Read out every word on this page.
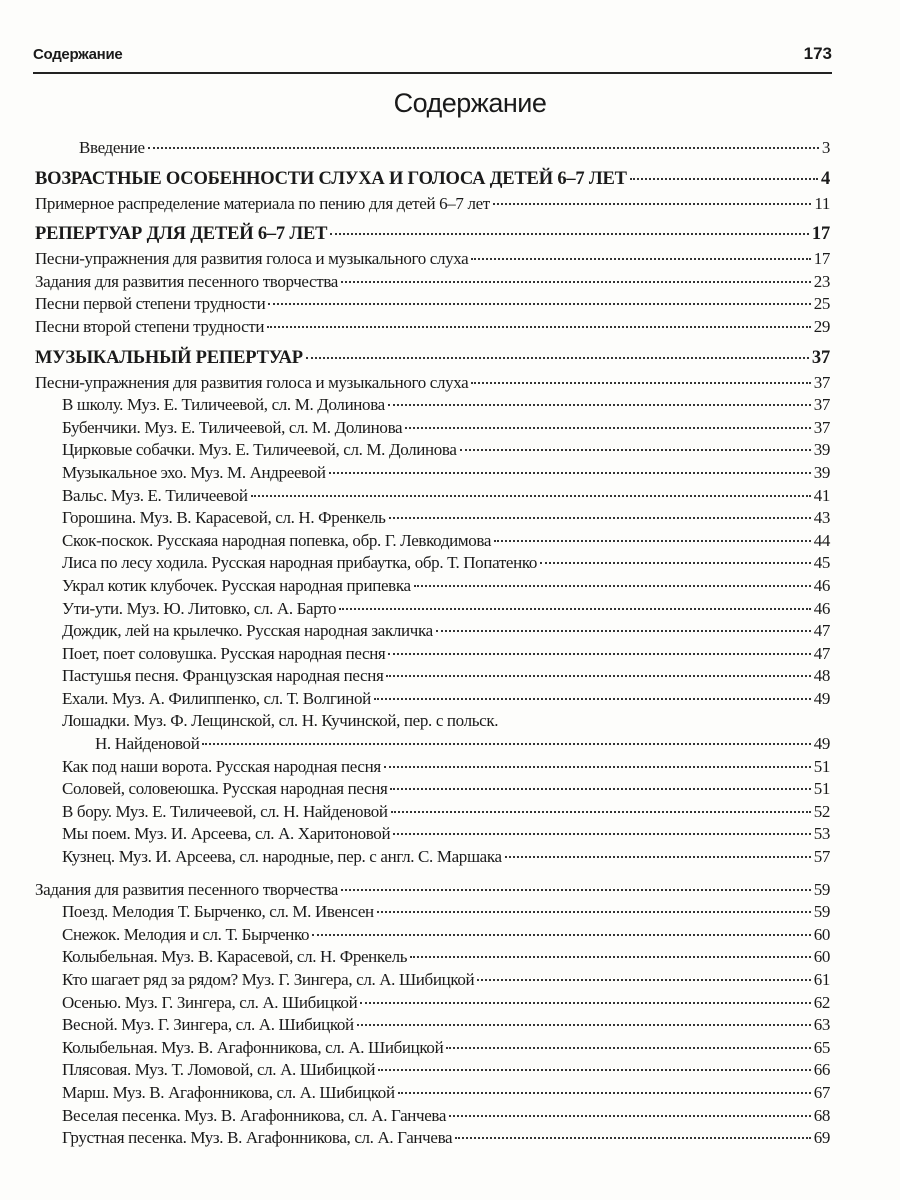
Содержание	173
Содержание
Введение	3
ВОЗРАСТНЫЕ ОСОБЕННОСТИ СЛУХА И ГОЛОСА ДЕТЕЙ 6–7 ЛЕТ	4
Примерное распределение материала по пению для детей 6–7 лет	11
РЕПЕРТУАР ДЛЯ ДЕТЕЙ 6–7 ЛЕТ	17
Песни-упражнения для развития голоса и музыкального слуха	17
Задания для развития песенного творчества	23
Песни первой степени трудности	25
Песни второй степени трудности	29
МУЗЫКАЛЬНЫЙ РЕПЕРТУАР	37
Песни-упражнения для развития голоса и музыкального слуха	37
В школу. Муз. Е. Тиличеевой, сл. М. Долинова	37
Бубенчики. Муз. Е. Тиличеевой, сл. М. Долинова	37
Цирковые собачки. Муз. Е. Тиличеевой, сл. М. Долинова	39
Музыкальное эхо. Муз. М. Андреевой	39
Вальс. Муз. Е. Тиличеевой	41
Горошина. Муз. В. Карасевой, сл. Н. Френкель	43
Скок-поскок. Русскаяа народная попевка, обр. Г. Левкодимова	44
Лиса по лесу ходила. Русская народная прибаутка, обр. Т. Попатенко	45
Украл котик клубочек. Русская народная припевка	46
Ути-ути. Муз. Ю. Литовко, сл. А. Барто	46
Дождик, лей на крылечко. Русская народная закличка	47
Поет, поет соловушка. Русская народная песня	47
Пастушья песня. Французская народная песня	48
Ехали. Муз. А. Филиппенко, сл. Т. Волгиной	49
Лошадки. Муз. Ф. Лещинской, сл. Н. Кучинской, пер. с польск.
Н. Найденовой	49
Как под наши ворота. Русская народная песня	51
Соловей, соловеюшка. Русская народная песня	51
В бору. Муз. Е. Тиличеевой, сл. Н. Найденовой	52
Мы поем. Муз. И. Арсеева, сл. А. Харитоновой	53
Кузнец. Муз. И. Арсеева, сл. народные, пер. с англ. С. Маршака	57
Задания для развития песенного творчества	59
Поезд. Мелодия Т. Бырченко, сл. М. Ивенсен	59
Снежок. Мелодия и сл. Т. Бырченко	60
Колыбельная. Муз. В. Карасевой, сл. Н. Френкель	60
Кто шагает ряд за рядом? Муз. Г. Зингера, сл. А. Шибицкой	61
Осенью. Муз. Г. Зингера, сл. А. Шибицкой	62
Весной. Муз. Г. Зингера, сл. А. Шибицкой	63
Колыбельная. Муз. В. Агафонникова, сл. А. Шибицкой	65
Плясовая. Муз. Т. Ломовой, сл. А. Шибицкой	66
Марш. Муз. В. Агафонникова, сл. А. Шибицкой	67
Веселая песенка. Муз. В. Агафонникова, сл. А. Ганчева	68
Грустная песенка. Муз. В. Агафонникова, сл. А. Ганчева	69
